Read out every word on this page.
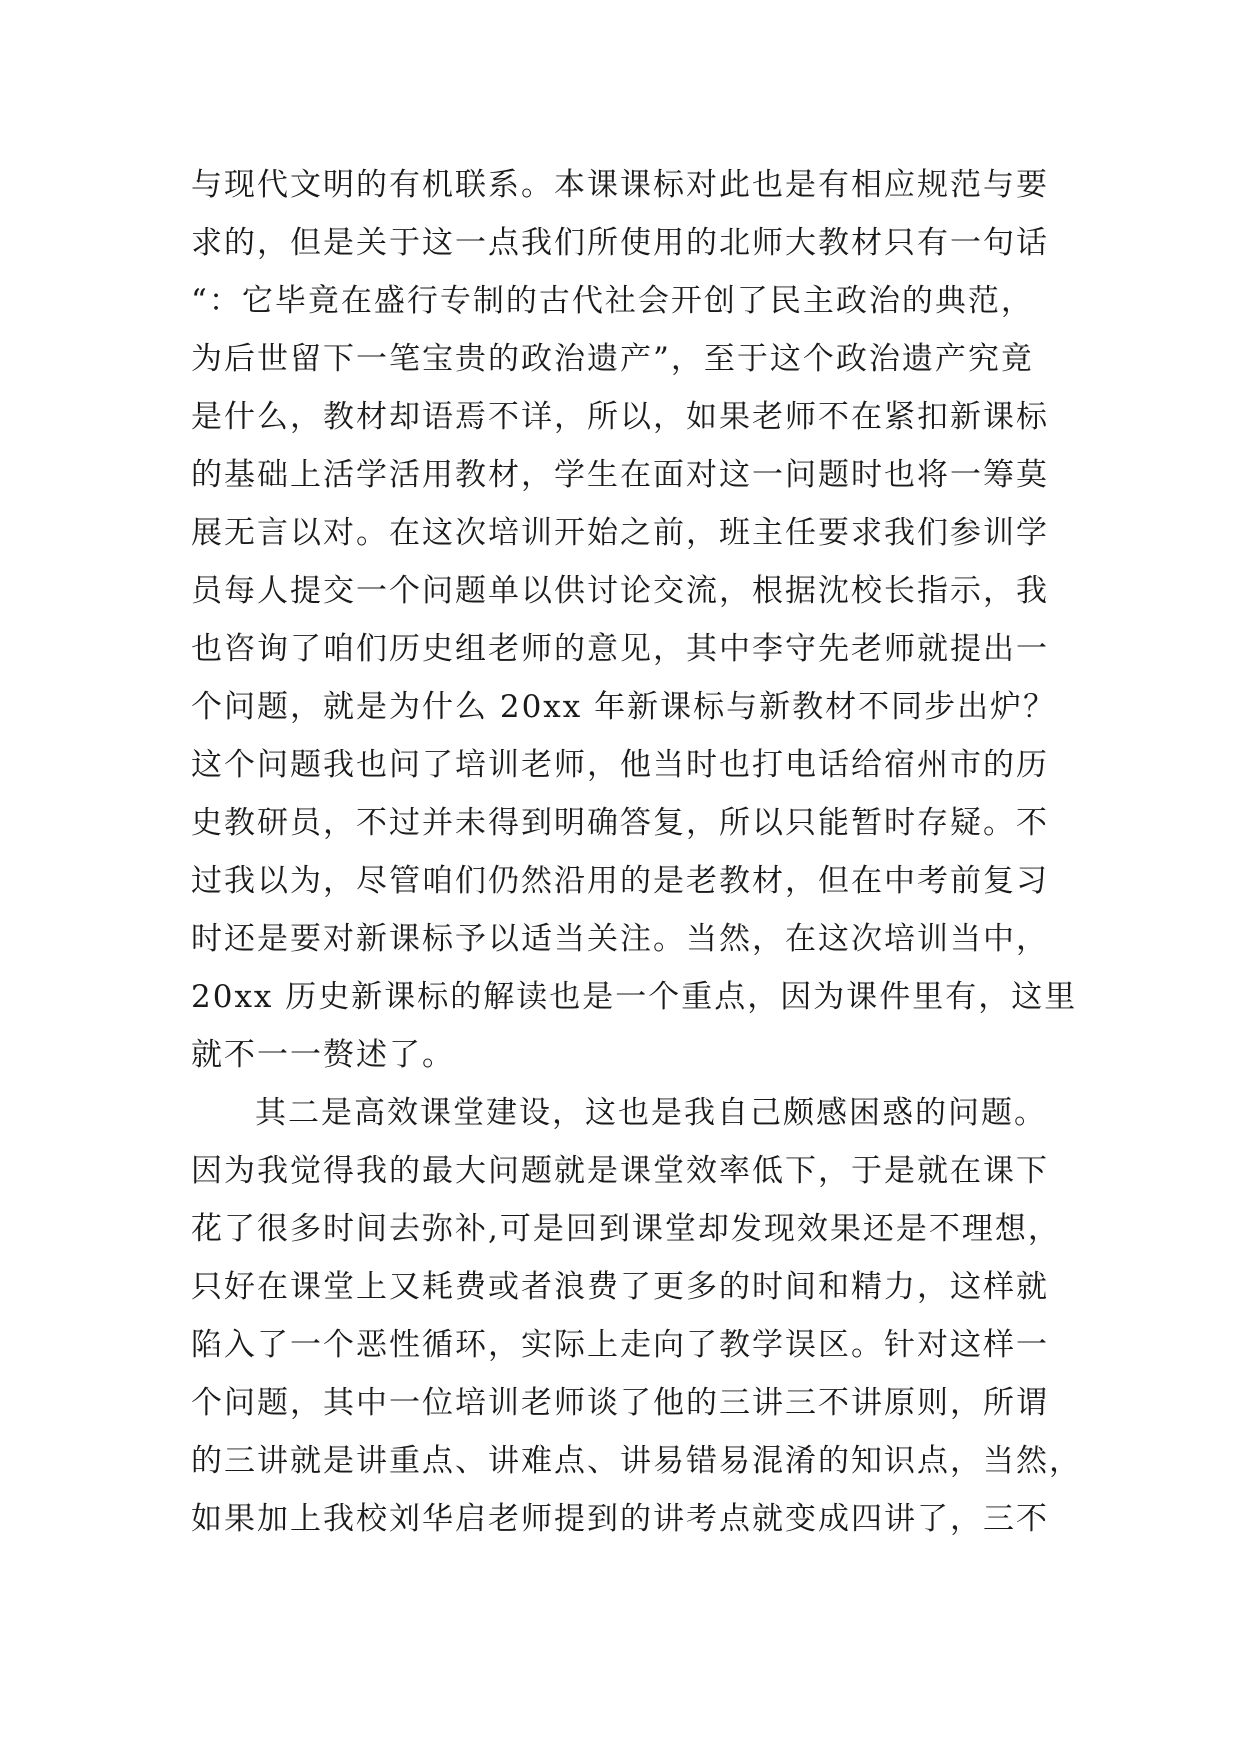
与现代文明的有机联系。本课课标对此也是有相应规范与要
求的，但是关于这一点我们所使用的北师大教材只有一句话
“：它毕竟在盛行专制的古代社会开创了民主政治的典范，
为后世留下一笔宝贵的政治遗产”，至于这个政治遗产究竟
是什么，教材却语焉不详，所以，如果老师不在紧扣新课标
的基础上活学活用教材，学生在面对这一问题时也将一筹莫
展无言以对。在这次培训开始之前，班主任要求我们参训学
员每人提交一个问题单以供讨论交流，根据沈校长指示，我
也咨询了咱们历史组老师的意见，其中李守先老师就提出一
个问题，就是为什么 20xx 年新课标与新教材不同步出炉？
这个问题我也问了培训老师，他当时也打电话给宿州市的历
史教研员，不过并未得到明确答复，所以只能暂时存疑。不
过我以为，尽管咱们仍然沿用的是老教材，但在中考前复习
时还是要对新课标予以适当关注。当然，在这次培训当中，
20xx 历史新课标的解读也是一个重点，因为课件里有，这里
就不一一赘述了。
其二是高效课堂建设，这也是我自己颇感困惑的问题。
因为我觉得我的最大问题就是课堂效率低下，于是就在课下
花了很多时间去弥补,可是回到课堂却发现效果还是不理想，
只好在课堂上又耗费或者浪费了更多的时间和精力，这样就
陷入了一个恶性循环，实际上走向了教学误区。针对这样一
个问题，其中一位培训老师谈了他的三讲三不讲原则，所谓
的三讲就是讲重点、讲难点、讲易错易混淆的知识点，当然，
如果加上我校刘华启老师提到的讲考点就变成四讲了，三不
